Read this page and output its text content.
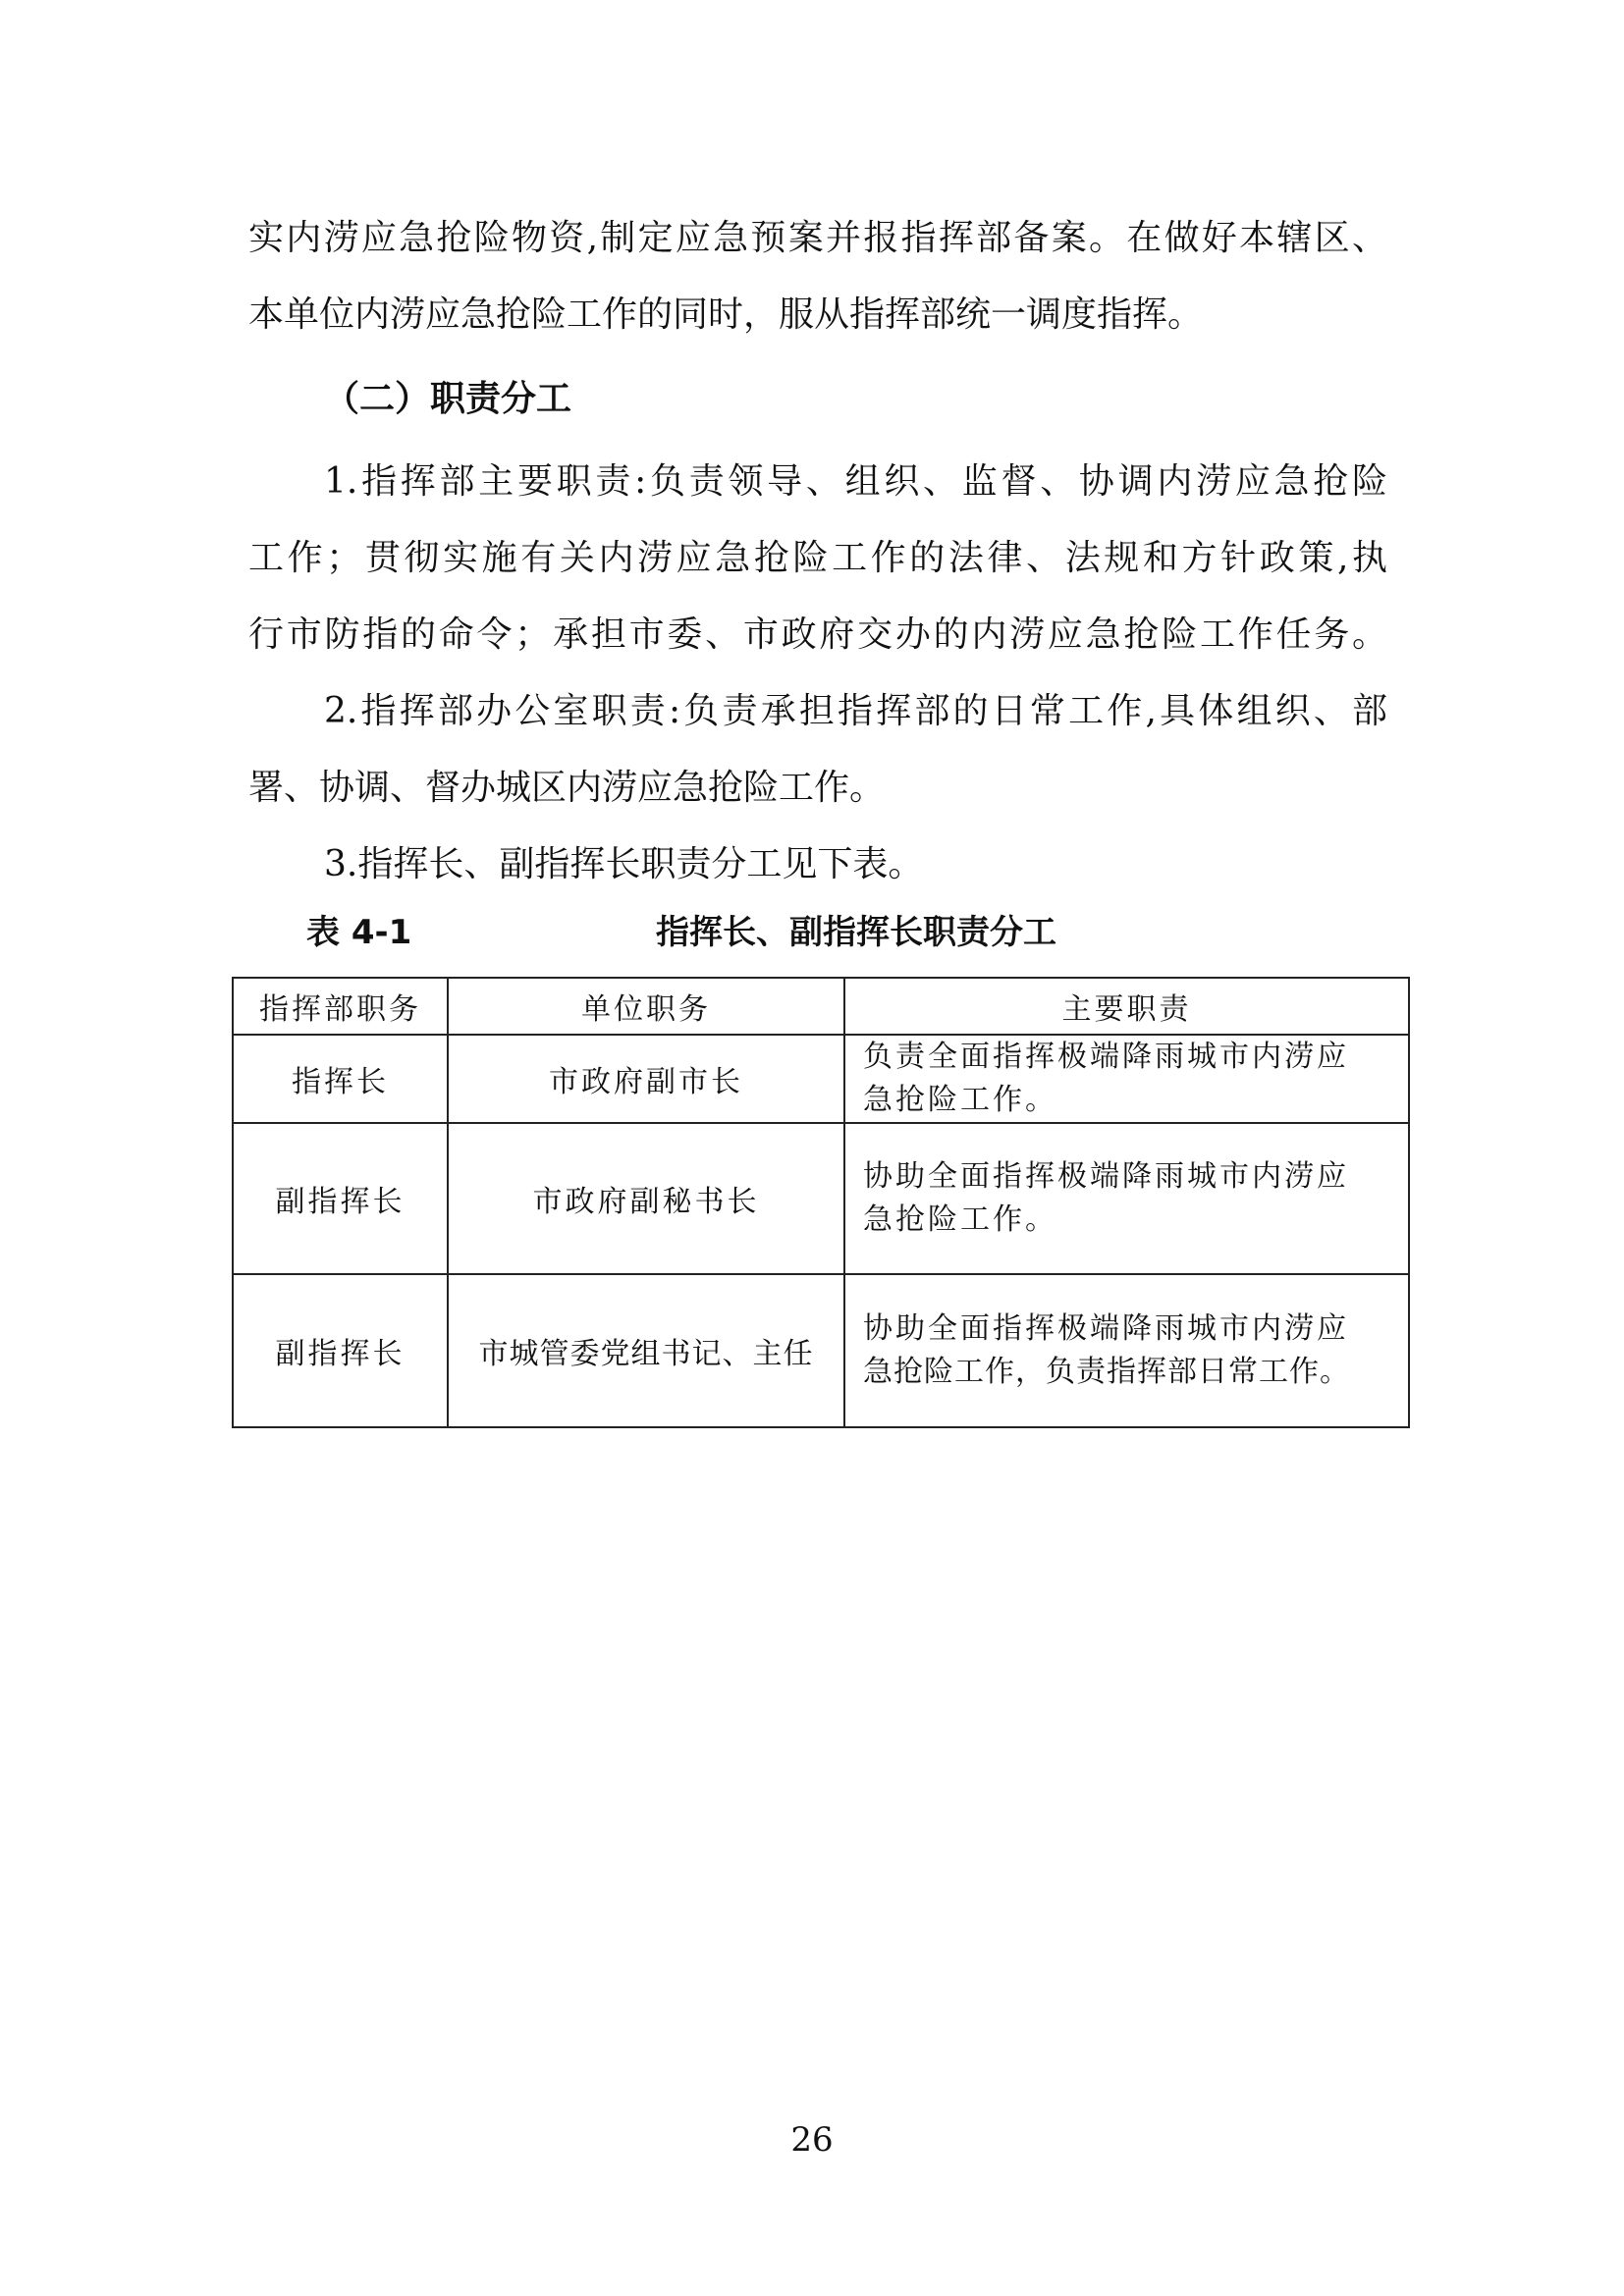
实内涝应急抢险物资,制定应急预案并报指挥部备案。在做好本辖区、
本单位内涝应急抢险工作的同时，服从指挥部统一调度指挥。
（二）职责分工
1.指挥部主要职责:负责领导、组织、监督、协调内涝应急抢险
工作；贯彻实施有关内涝应急抢险工作的法律、法规和方针政策,执
行市防指的命令；承担市委、市政府交办的内涝应急抢险工作任务。
2.指挥部办公室职责:负责承担指挥部的日常工作,具体组织、部
署、协调、督办城区内涝应急抢险工作。
3.指挥长、副指挥长职责分工见下表。
表 4-1	指挥长、副指挥长职责分工
指挥部职务	单位职务	主要职责
指挥长	市政府副市长	负责全面指挥极端降雨城市内涝应
急抢险工作。

副指挥长	市政府副秘书长	协助全面指挥极端降雨城市内涝应
急抢险工作。

副指挥长	市城管委党组书记、主任	协助全面指挥极端降雨城市内涝应
急抢险工作，负责指挥部日常工作。
26
